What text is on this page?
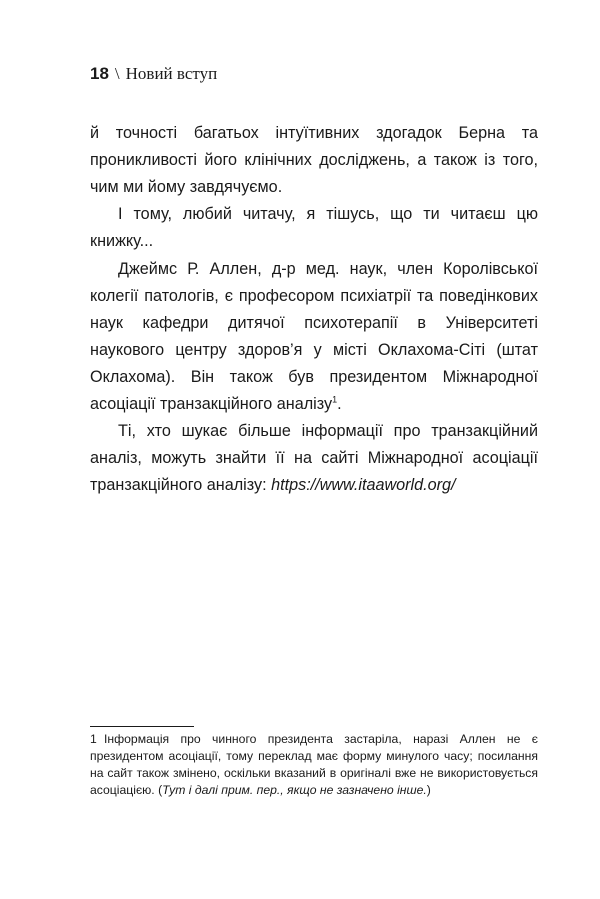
18 \ Новий вступ

й точності багатьох інтуїтивних здогадок Берна та проникливості його клінічних досліджень, а також із того, чим ми йому завдячуємо.

І тому, любий читачу, я тішусь, що ти читаєш цю книжку...

Джеймс Р. Аллен, д-р мед. наук, член Королівської колегії патологів, є професором психіатрії та поведінкових наук кафедри дитячої психотерапії в Університеті наукового центру здоров’я у місті Оклахома-Сіті (штат Оклахома). Він також був президентом Міжнародної асоціації транзакційного аналізу$^1$.

Ті, хто шукає більше інформації про транзакційний аналіз, можуть знайти її на сайті Міжнародної асоціації транзакційного аналізу: https://www.itaaworld.org/

1 Інформація про чинного президента застаріла, наразі Аллен не є президентом асоціації, тому переклад має форму минулого часу; посилання на сайт також змінено, оскільки вказаний в оригіналі вже не використовується асоціацією. (Тут і далі прим. пер., якщо не зазначено інше.)
